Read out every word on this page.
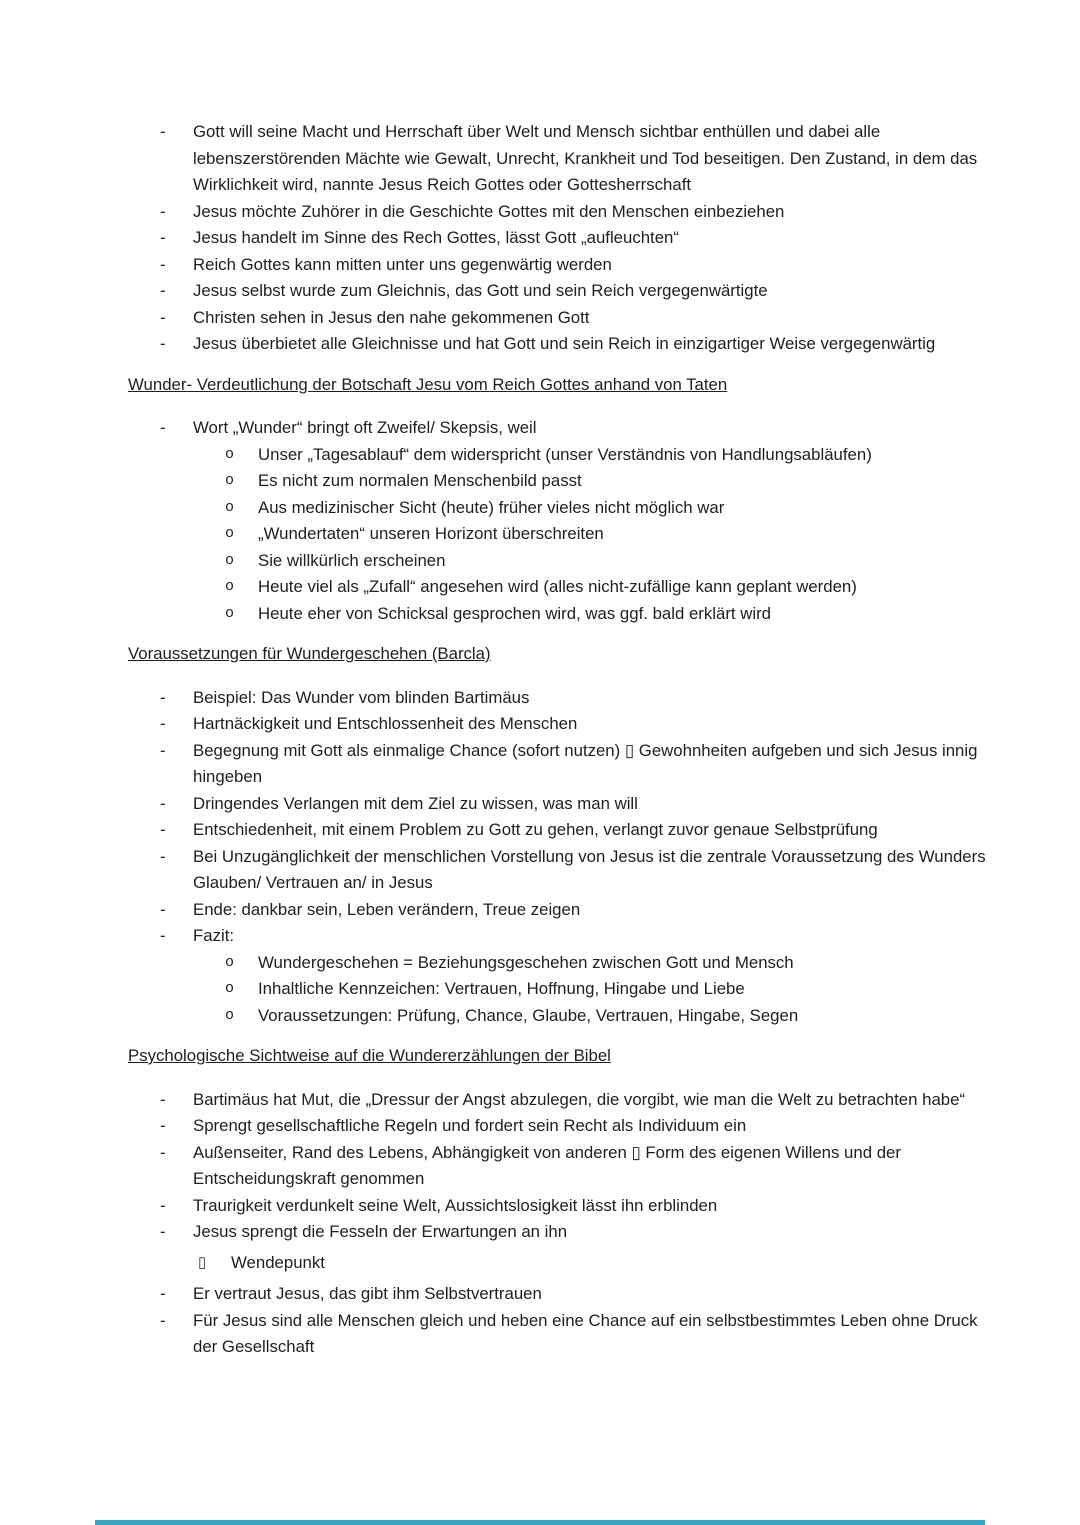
- Gott will seine Macht und Herrschaft über Welt und Mensch sichtbar enthüllen und dabei alle lebenszerstörenden Mächte wie Gewalt, Unrecht, Krankheit und Tod beseitigen. Den Zustand, in dem das Wirklichkeit wird, nannte Jesus Reich Gottes oder Gottesherrschaft
- Jesus möchte Zuhörer in die Geschichte Gottes mit den Menschen einbeziehen
- Jesus handelt im Sinne des Rech Gottes, lässt Gott „aufleuchten“
- Reich Gottes kann mitten unter uns gegenwärtig werden
- Jesus selbst wurde zum Gleichnis, das Gott und sein Reich vergegenwärtigte
- Christen sehen in Jesus den nahe gekommenen Gott
- Jesus überbietet alle Gleichnisse und hat Gott und sein Reich in einzigartiger Weise vergegenwärtig
Wunder- Verdeutlichung der Botschaft Jesu vom Reich Gottes anhand von Taten
- Wort „Wunder“ bringt oft Zweifel/ Skepsis, weil
o Unser „Tagesablauf“ dem widerspricht (unser Verständnis von Handlungsabläufen)
o Es nicht zum normalen Menschenbild passt
o Aus medizinischer Sicht (heute) früher vieles nicht möglich war
o „Wundertaten“ unseren Horizont überschreiten
o Sie willkürlich erscheinen
o Heute viel als „Zufall“ angesehen wird (alles nicht-zufällige kann geplant werden)
o Heute eher von Schicksal gesprochen wird, was ggf. bald erklärt wird
Voraussetzungen für Wundergeschehen (Barcla)
- Beispiel: Das Wunder vom blinden Bartimäus
- Hartnäckigkeit und Entschlossenheit des Menschen
- Begegnung mit Gott als einmalige Chance (sofort nutzen) ▯ Gewohnheiten aufgeben und sich Jesus innig hingeben
- Dringendes Verlangen mit dem Ziel zu wissen, was man will
- Entschiedenheit, mit einem Problem zu Gott zu gehen, verlangt zuvor genaue Selbstprüfung
- Bei Unzugänglichkeit der menschlichen Vorstellung von Jesus ist die zentrale Voraussetzung des Wunders Glauben/ Vertrauen an/ in Jesus
- Ende: dankbar sein, Leben verändern, Treue zeigen
- Fazit:
o Wundergeschehen = Beziehungsgeschehen zwischen Gott und Mensch
o Inhaltliche Kennzeichen: Vertrauen, Hoffnung, Hingabe und Liebe
o Voraussetzungen: Prüfung, Chance, Glaube, Vertrauen, Hingabe, Segen
Psychologische Sichtweise auf die Wundererzählungen der Bibel
- Bartimäus hat Mut, die „Dressur der Angst abzulegen, die vorgibt, wie man die Welt zu betrachten habe“
- Sprengt gesellschaftliche Regeln und fordert sein Recht als Individuum ein
- Außenseiter, Rand des Lebens, Abhängigkeit von anderen ▯ Form des eigenen Willens und der Entscheidungskraft genommen
- Traurigkeit verdunkelt seine Welt, Aussichtslosigkeit lässt ihn erblinden
- Jesus sprengt die Fesseln der Erwartungen an ihn
▯ Wendepunkt
- Er vertraut Jesus, das gibt ihm Selbstvertrauen
- Für Jesus sind alle Menschen gleich und heben eine Chance auf ein selbstbestimmtes Leben ohne Druck der Gesellschaft
